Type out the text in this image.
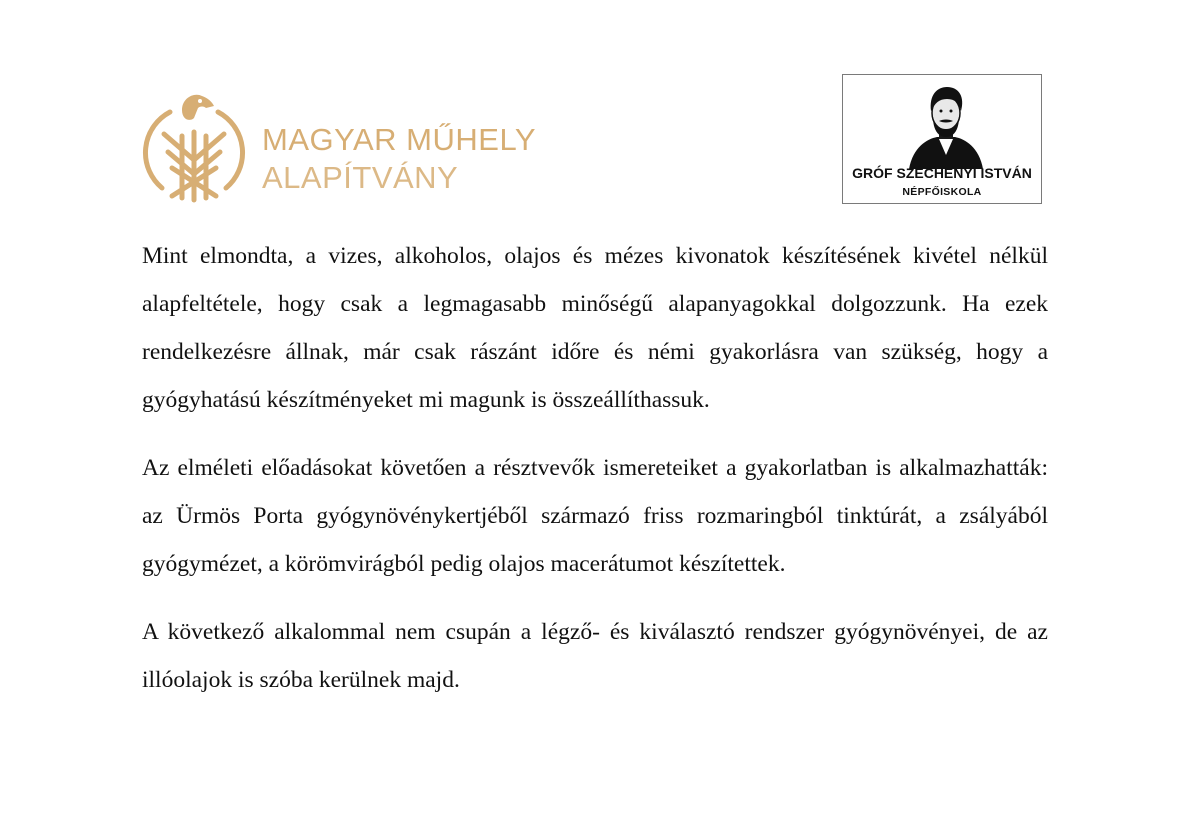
MAGYAR MŰHELY
ALAPÍTVÁNY	GRÓF SZÉCHENYI ISTVÁN
NÉPFŐISKOLA

Mint elmondta, a vizes, alkoholos, olajos és mézes kivonatok készítésének kivétel nélkül alapfeltétele, hogy csak a legmagasabb minőségű alapanyagokkal dolgozzunk. Ha ezek rendelkezésre állnak, már csak rászánt időre és némi gyakorlásra van szükség, hogy a gyógyhatású készítményeket mi magunk is összeállíthassuk.

Az elméleti előadásokat követően a résztvevők ismereteiket a gyakorlatban is alkalmazhatták: az Ürmös Porta gyógynövénykertjéből származó friss rozmaringból tinktúrát, a zsályából gyógymézet, a körömvirágból pedig olajos macerátumot készítettek.

A következő alkalommal nem csupán a légző- és kiválasztó rendszer gyógynövényei, de az illóolajok is szóba kerülnek majd.
